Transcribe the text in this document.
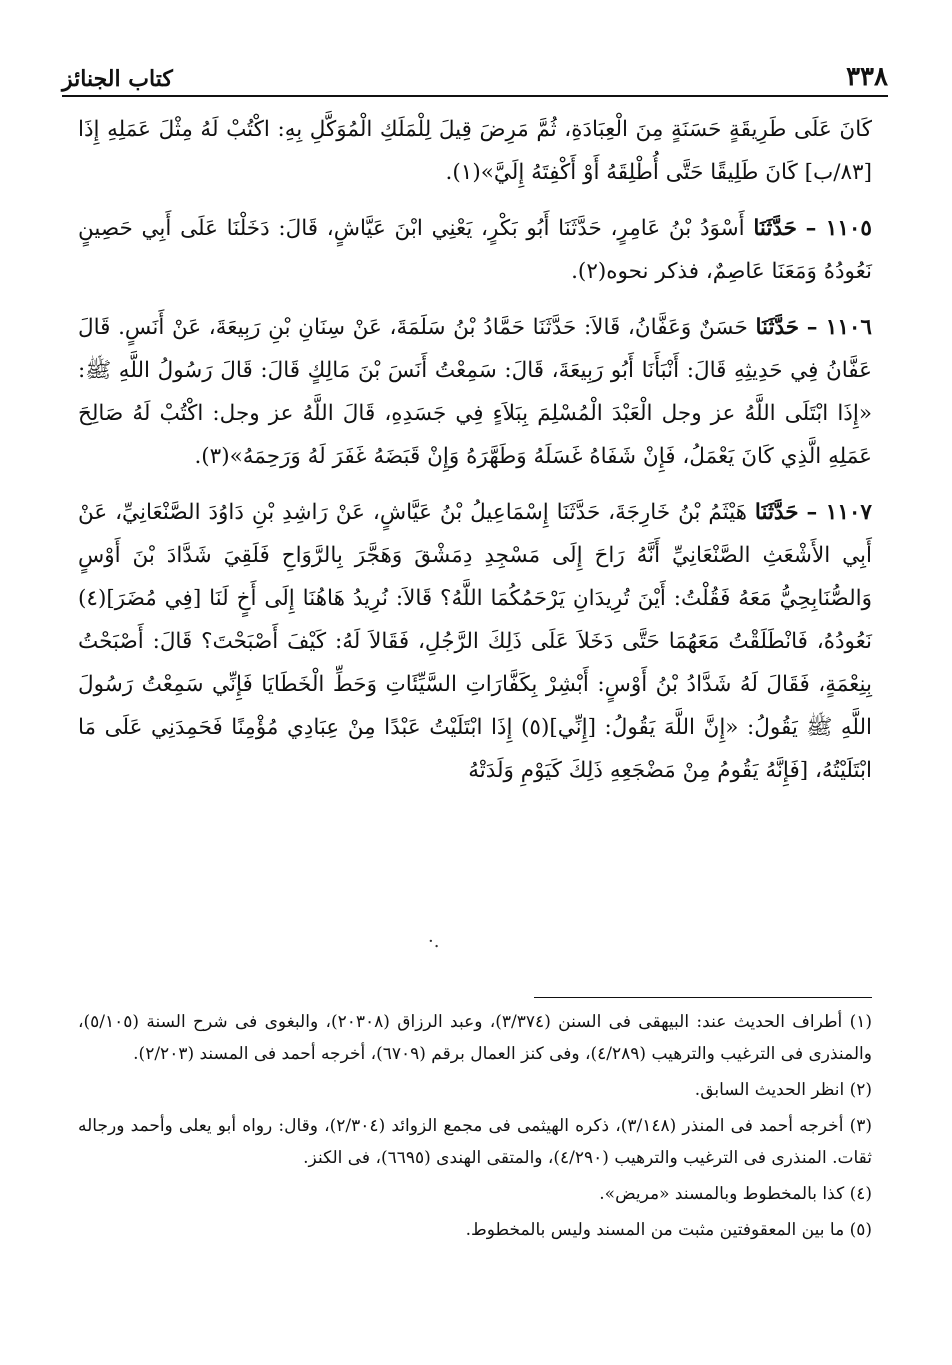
٣٣٨
كتاب الجنائز

كَانَ عَلَى طَرِيقَةٍ حَسَنَةٍ مِنَ الْعِبَادَةِ، ثُمَّ مَرِضَ قِيلَ لِلْمَلَكِ الْمُوَكَّلِ بِهِ: اكْتُبْ لَهُ مِثْلَ عَمَلِهِ إِذَا [٨٣/ب] كَانَ طَلِيقًا حَتَّى أُطْلِقَهُ أَوْ أَكْفِتَهُ إِلَيَّ»(١).

١١٠٥ – حَدَّثَنَا أَسْوَدُ بْنُ عَامِرٍ، حَدَّثَنَا أَبُو بَكْرٍ، يَعْنِي ابْنَ عَيَّاشٍ، قَالَ: دَخَلْنَا عَلَى أَبِي حَصِينٍ نَعُودُهُ وَمَعَنَا عَاصِمٌ، فذكر نحوه(٢).

١١٠٦ – حَدَّثَنَا حَسَنٌ وَعَفَّانُ، قَالاَ: حَدَّثَنَا حَمَّادُ بْنُ سَلَمَةَ، عَنْ سِنَانِ بْنِ رَبِيعَةَ، عَنْ أَنَسٍ. قَالَ عَفَّانُ فِي حَدِيثِهِ قَالَ: أَنْبَأَنَا أَبُو رَبِيعَةَ، قَالَ: سَمِعْتُ أَنَسَ بْنَ مَالِكٍ قَالَ: قَالَ رَسُولُ اللَّهِ ﷺ: «إِذَا ابْتَلَى اللَّهُ عز وجل الْعَبْدَ الْمُسْلِمَ بِبَلاَءٍ فِي جَسَدِهِ، قَالَ اللَّهُ عز وجل: اكْتُبْ لَهُ صَالِحَ عَمَلِهِ الَّذِي كَانَ يَعْمَلُ، فَإِنْ شَفَاهُ غَسَلَهُ وَطَهَّرَهُ وَإِنْ قَبَضَهُ غَفَرَ لَهُ وَرَحِمَهُ»(٣).

١١٠٧ – حَدَّثَنَا هَيْثَمُ بْنُ خَارِجَةَ، حَدَّثَنَا إِسْمَاعِيلُ بْنُ عَيَّاشٍ، عَنْ رَاشِدِ بْنِ دَاوُدَ الصَّنْعَانِيِّ، عَنْ أَبِي الأَشْعَثِ الصَّنْعَانِيِّ أَنَّهُ رَاحَ إِلَى مَسْجِدِ دِمَشْقَ وَهَجَّرَ بِالرَّوَاحِ فَلَقِيَ شَدَّادَ بْنَ أَوْسٍ وَالصُّنَابِحِيُّ مَعَهُ فَقُلْتُ: أَيْنَ تُرِيدَانِ يَرْحَمُكُمَا اللَّهُ؟ قَالاَ: نُرِيدُ هَاهُنَا إِلَى أَخٍ لَنَا [فِي مُضَرَ](٤) نَعُودُهُ، فَانْطَلَقْتُ مَعَهُمَا حَتَّى دَخَلاَ عَلَى ذَلِكَ الرَّجُلِ، فَقَالاَ لَهُ: كَيْفَ أَصْبَحْتَ؟ قَالَ: أَصْبَحْتُ بِنِعْمَةٍ، فَقَالَ لَهُ شَدَّادُ بْنُ أَوْسٍ: أَبْشِرْ بِكَفَّارَاتِ السَّيِّئَاتِ وَحَطِّ الْخَطَايَا فَإِنِّي سَمِعْتُ رَسُولَ اللَّهِ ﷺ يَقُولُ: «إِنَّ اللَّهَ يَقُولُ: [إِنِّي](٥) إِذَا ابْتَلَيْتُ عَبْدًا مِنْ عِبَادِي مُؤْمِنًا فَحَمِدَنِي عَلَى مَا ابْتَلَيْتُهُ، [فَإِنَّهُ يَقُومُ مِنْ مَضْجَعِهِ ذَلِكَ كَيَوْمِ وَلَدَتْهُ

·.

(١) أطراف الحديث عند: البيهقى فى السنن (٣/٣٧٤)، وعبد الرزاق (٢٠٣٠٨)، والبغوى فى شرح السنة (٥/١٠٥)، والمنذرى فى الترغيب والترهيب (٤/٢٨٩)، وفى كنز العمال برقم (٦٧٠٩)، أخرجه أحمد فى المسند (٢/٢٠٣).

(٢) انظر الحديث السابق.

(٣) أخرجه أحمد فى المنذر (٣/١٤٨)، ذكره الهيثمى فى مجمع الزوائد (٢/٣٠٤)، وقال: رواه أبو يعلى وأحمد ورجاله ثقات. المنذرى فى الترغيب والترهيب (٤/٢٩٠)، والمتقى الهندى (٦٦٩٥)، فى الكنز.

(٤) كذا بالمخطوط وبالمسند «مريض».

(٥) ما بين المعقوفتين مثبت من المسند وليس بالمخطوط.
